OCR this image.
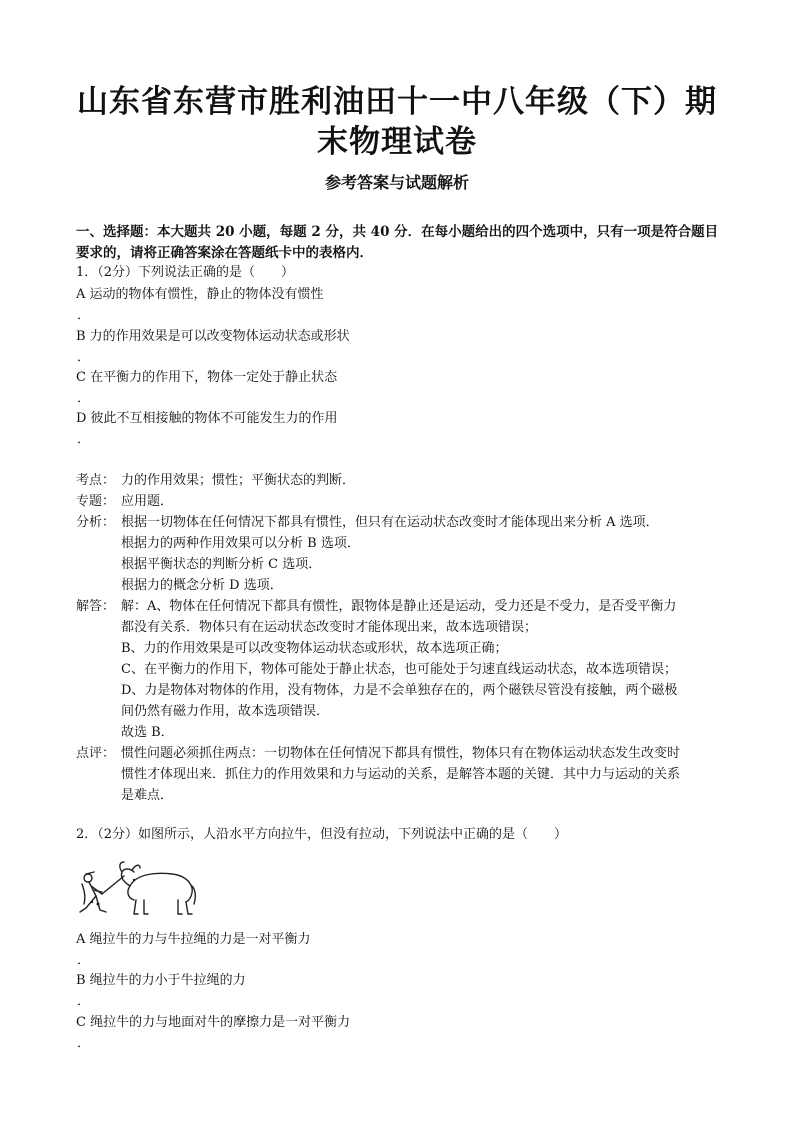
山东省东营市胜利油田十一中八年级（下）期
末物理试卷
参考答案与试题解析
一、选择题：本大题共 20 小题，每题 2 分，共 40 分．在每小题给出的四个选项中，只有一项是符合题目
要求的，请将正确答案涂在答题纸卡中的表格内．
1．（2分）下列说法正确的是（　　）
A 运动的物体有惯性，静止的物体没有惯性
．
B 力的作用效果是可以改变物体运动状态或形状
．
C 在平衡力的作用下，物体一定处于静止状态
．
D 彼此不互相接触的物体不可能发生力的作用
．
考点： 力的作用效果；惯性；平衡状态的判断．
专题： 应用题．
分析： 根据一切物体在任何情况下都具有惯性，但只有在运动状态改变时才能体现出来分析 A 选项．
根据力的两种作用效果可以分析 B 选项．
根据平衡状态的判断分析 C 选项．
根据力的概念分析 D 选项．
解答： 解：A、物体在任何情况下都具有惯性，跟物体是静止还是运动，受力还是不受力，是否受平衡力
都没有关系．物体只有在运动状态改变时才能体现出来，故本选项错误；
B、力的作用效果是可以改变物体运动状态或形状，故本选项正确；
C、在平衡力的作用下，物体可能处于静止状态，也可能处于匀速直线运动状态，故本选项错误；
D、力是物体对物体的作用，没有物体，力是不会单独存在的，两个磁铁尽管没有接触，两个磁极
间仍然有磁力作用，故本选项错误．
故选 B．
点评： 惯性问题必须抓住两点：一切物体在任何情况下都具有惯性，物体只有在物体运动状态发生改变时
惯性才体现出来．抓住力的作用效果和力与运动的关系，是解答本题的关键．其中力与运动的关系
是难点．
2．（2分）如图所示，人沿水平方向拉牛，但没有拉动，下列说法中正确的是（　　）
A 绳拉牛的力与牛拉绳的力是一对平衡力
．
B 绳拉牛的力小于牛拉绳的力
．
C 绳拉牛的力与地面对牛的摩擦力是一对平衡力
．
